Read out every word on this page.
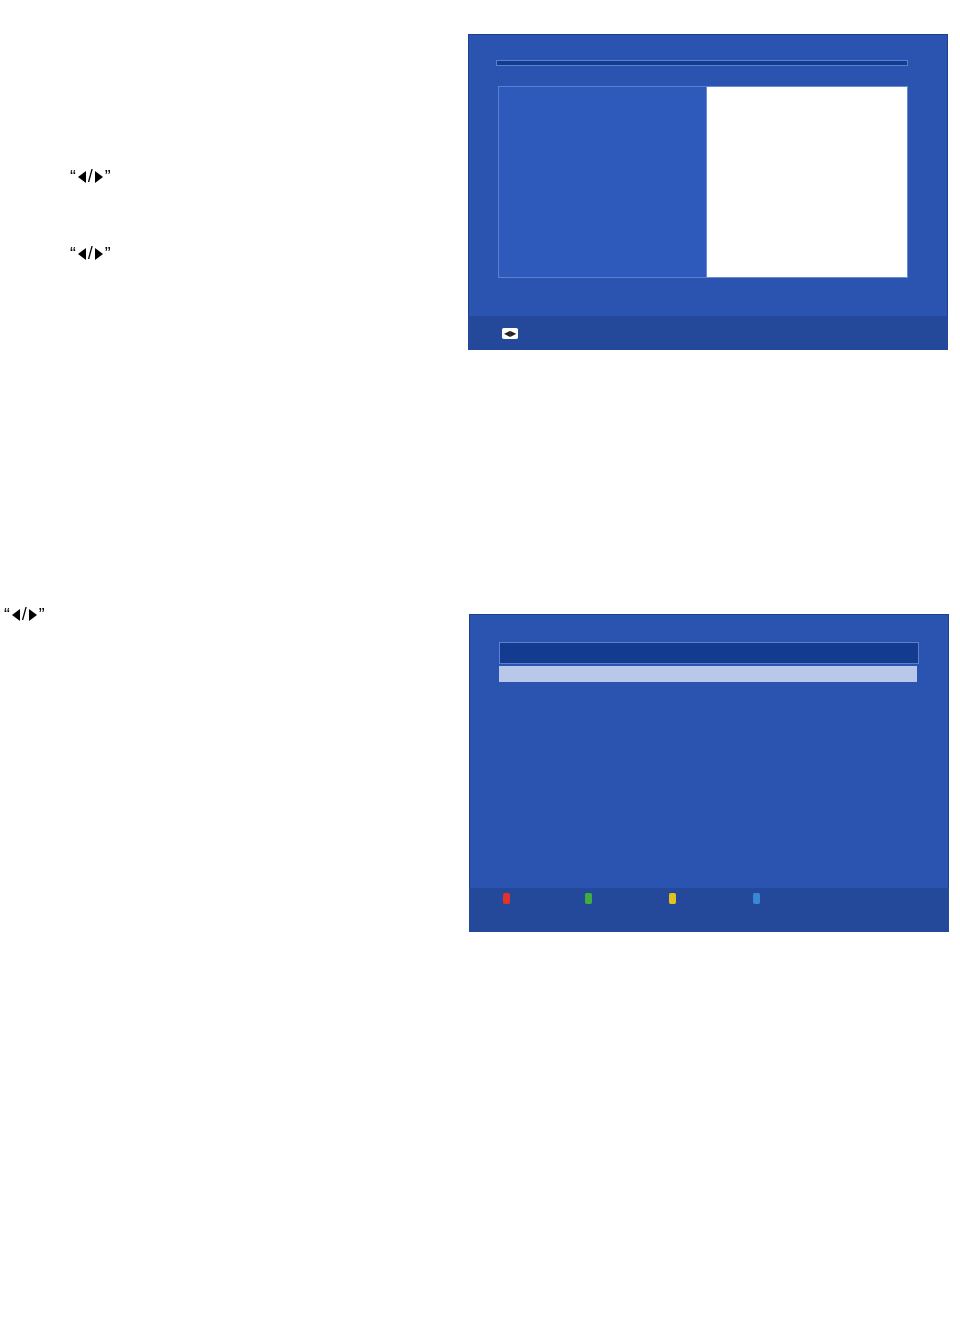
“ / ”
“ / ”
◀▶
“ / ”
